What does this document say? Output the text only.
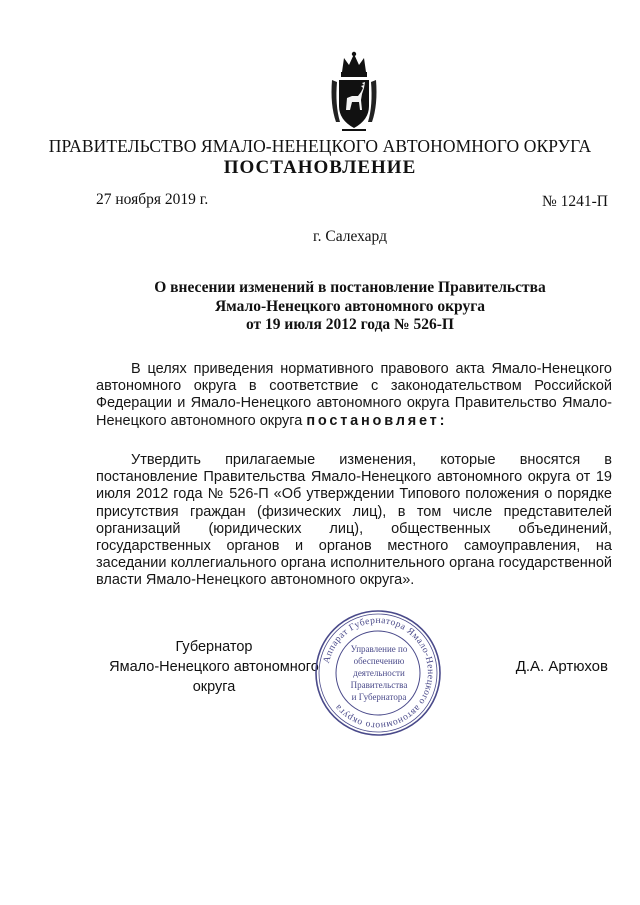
ПРАВИТЕЛЬСТВО ЯМАЛО-НЕНЕЦКОГО АВТОНОМНОГО ОКРУГА
ПОСТАНОВЛЕНИЕ
27 ноября 2019 г.	№ 1241-П
г. Салехард
О внесении изменений в постановление Правительства
Ямало-Ненецкого автономного округа
от 19 июля 2012 года № 526-П
В целях приведения нормативного правового акта Ямало-Ненецкого автономного округа в соответствие с законодательством Российской Федерации и Ямало-Ненецкого автономного округа Правительство Ямало-Ненецкого автономного округа постановляет:
Утвердить прилагаемые изменения, которые вносятся в постановление Правительства Ямало-Ненецкого автономного округа от 19 июля 2012 года № 526-П «Об утверждении Типового положения о порядке присутствия граждан (физических лиц), в том числе представителей организаций (юридических лиц), общественных объединений, государственных органов и органов местного самоуправления, на заседании коллегиального органа исполнительного органа государственной власти Ямало-Ненецкого автономного округа».
Губернатор
Ямало-Ненецкого автономного округа
Д.А. Артюхов
Аппарат Губернатора Ямало-Ненецкого автономного округа
Управление по
обеспечению
деятельности
Правительства
и Губернатора
